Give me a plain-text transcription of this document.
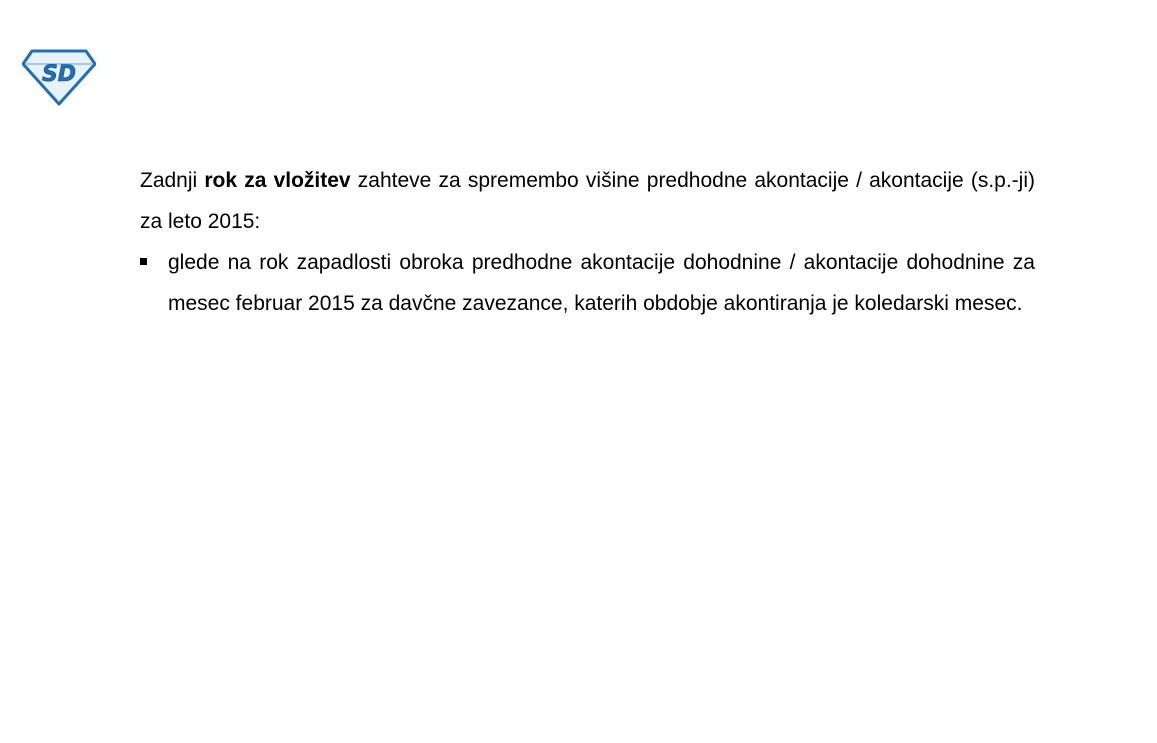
SD

Zadnji rok za vložitev zahteve za spremembo višine predhodne akontacije / akontacije (s.p.-ji) za leto 2015:

glede na rok zapadlosti obroka predhodne akontacije dohodnine / akontacije dohodnine za mesec februar 2015 za davčne zavezance, katerih obdobje akontiranja je koledarski mesec.
